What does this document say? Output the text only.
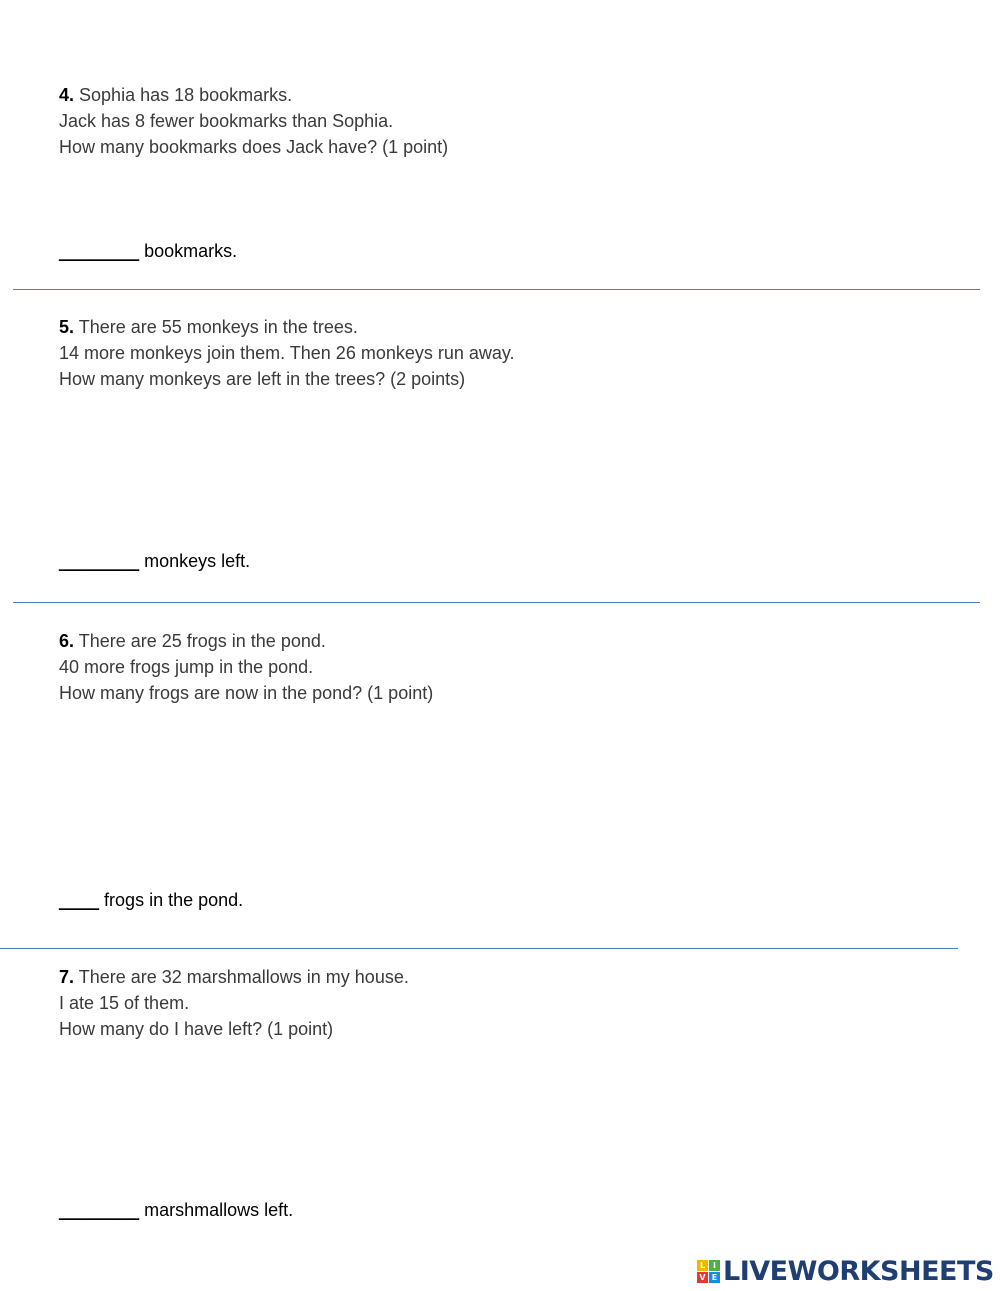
4. Sophia has 18 bookmarks.
Jack has 8 fewer bookmarks than Sophia.
How many bookmarks does Jack have? (1 point)
________ bookmarks.
5. There are 55 monkeys in the trees.
14 more monkeys join them. Then 26 monkeys run away.
How many monkeys are left in the trees? (2 points)
________ monkeys left.
6. There are 25 frogs in the pond.
40 more frogs jump in the pond.
How many frogs are now in the pond? (1 point)
____ frogs in the pond.
7. There are 32 marshmallows in my house.
I ate 15 of them.
How many do I have left? (1 point)
________ marshmallows left.
L I
V E LIVEWORKSHEETS
